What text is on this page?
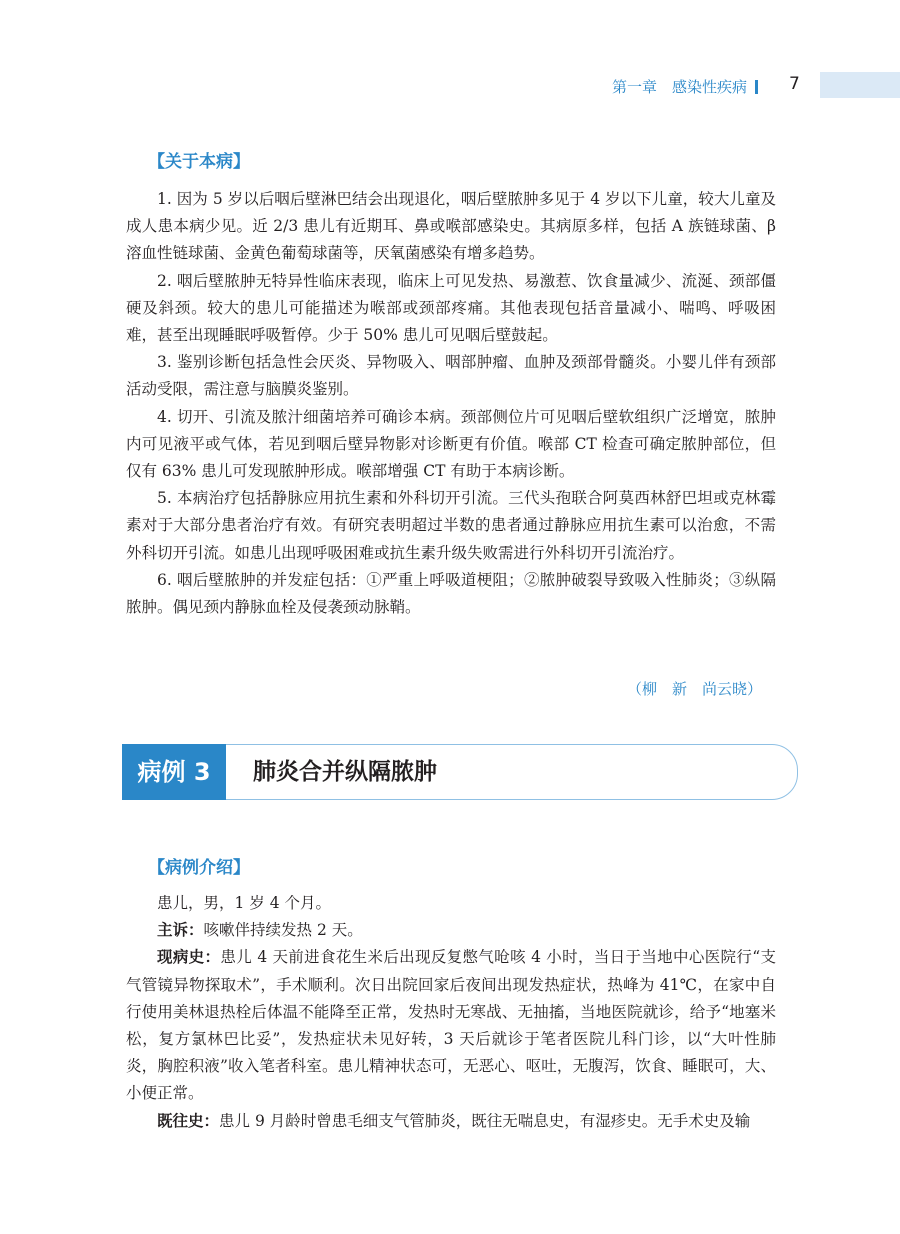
第一章　感染性疾病	7
【关于本病】

1. 因为 5 岁以后咽后壁淋巴结会出现退化，咽后壁脓肿多见于 4 岁以下儿童，较大儿童及成人患本病少见。近 2/3 患儿有近期耳、鼻或喉部感染史。其病原多样，包括 A 族链球菌、β 溶血性链球菌、金黄色葡萄球菌等，厌氧菌感染有增多趋势。

2. 咽后壁脓肿无特异性临床表现，临床上可见发热、易激惹、饮食量减少、流涎、颈部僵硬及斜颈。较大的患儿可能描述为喉部或颈部疼痛。其他表现包括音量减小、喘鸣、呼吸困难，甚至出现睡眠呼吸暂停。少于 50% 患儿可见咽后壁鼓起。

3. 鉴别诊断包括急性会厌炎、异物吸入、咽部肿瘤、血肿及颈部骨髓炎。小婴儿伴有颈部活动受限，需注意与脑膜炎鉴别。

4. 切开、引流及脓汁细菌培养可确诊本病。颈部侧位片可见咽后壁软组织广泛增宽，脓肿内可见液平或气体，若见到咽后壁异物影对诊断更有价值。喉部 CT 检查可确定脓肿部位，但仅有 63% 患儿可发现脓肿形成。喉部增强 CT 有助于本病诊断。

5. 本病治疗包括静脉应用抗生素和外科切开引流。三代头孢联合阿莫西林舒巴坦或克林霉素对于大部分患者治疗有效。有研究表明超过半数的患者通过静脉应用抗生素可以治愈，不需外科切开引流。如患儿出现呼吸困难或抗生素升级失败需进行外科切开引流治疗。

6. 咽后壁脓肿的并发症包括：①严重上呼吸道梗阻；②脓肿破裂导致吸入性肺炎；③纵隔脓肿。偶见颈内静脉血栓及侵袭颈动脉鞘。

（柳　新　尚云晓）
病例 3	肺炎合并纵隔脓肿
【病例介绍】

患儿，男，1 岁 4 个月。

主诉：咳嗽伴持续发热 2 天。

现病史：患儿 4 天前进食花生米后出现反复憋气呛咳 4 小时，当日于当地中心医院行“支气管镜异物探取术”，手术顺利。次日出院回家后夜间出现发热症状，热峰为 41℃，在家中自行使用美林退热栓后体温不能降至正常，发热时无寒战、无抽搐，当地医院就诊，给予“地塞米松，复方氯林巴比妥”，发热症状未见好转，3 天后就诊于笔者医院儿科门诊，以“大叶性肺炎，胸腔积液”收入笔者科室。患儿精神状态可，无恶心、呕吐，无腹泻，饮食、睡眠可，大、小便正常。

既往史：患儿 9 月龄时曾患毛细支气管肺炎，既往无喘息史，有湿疹史。无手术史及输
